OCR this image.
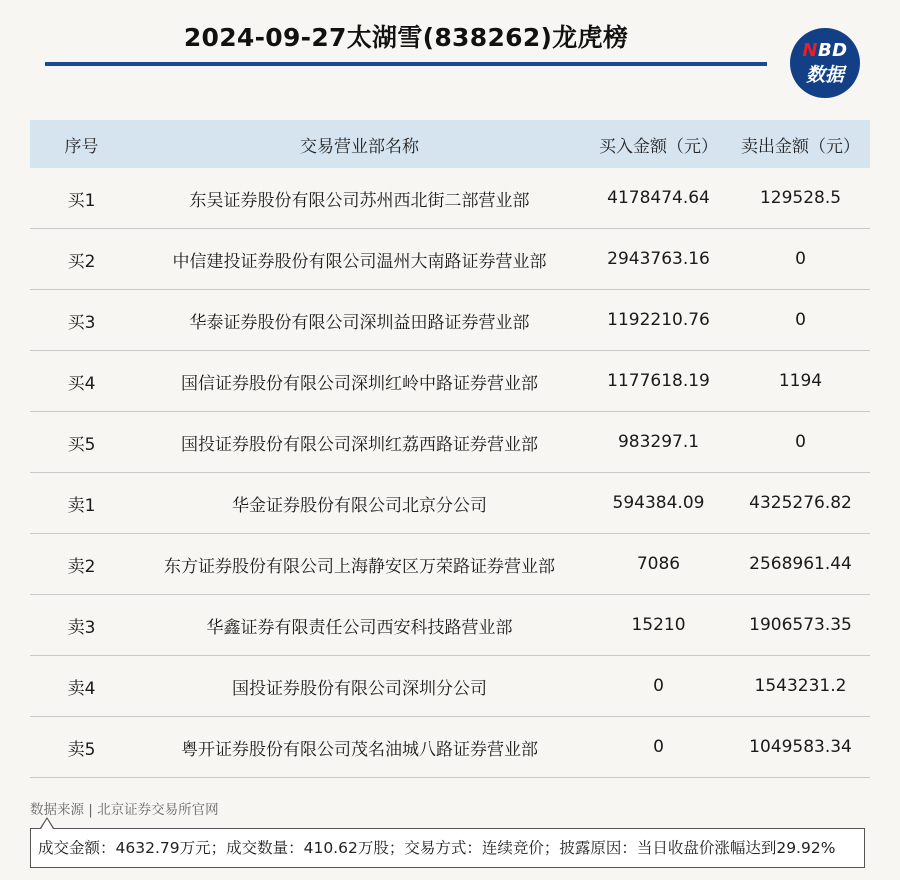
2024-09-27太湖雪(838262)龙虎榜	NBD
数据
序号	交易营业部名称	买入金额（元）	卖出金额（元）
买1	东吴证券股份有限公司苏州西北街二部营业部	4178474.64	129528.5
买2	中信建投证券股份有限公司温州大南路证券营业部	2943763.16	0
买3	华泰证券股份有限公司深圳益田路证券营业部	1192210.76	0
买4	国信证券股份有限公司深圳红岭中路证券营业部	1177618.19	1194
买5	国投证券股份有限公司深圳红荔西路证券营业部	983297.1	0
卖1	华金证券股份有限公司北京分公司	594384.09	4325276.82
卖2	东方证券股份有限公司上海静安区万荣路证券营业部	7086	2568961.44
卖3	华鑫证券有限责任公司西安科技路营业部	15210	1906573.35
卖4	国投证券股份有限公司深圳分公司	0	1543231.2
卖5	粤开证券股份有限公司茂名油城八路证券营业部	0	1049583.34
数据来源 | 北京证券交易所官网
成交金额：4632.79万元；成交数量：410.62万股；交易方式：连续竞价；披露原因：当日收盘价涨幅达到29.92%
